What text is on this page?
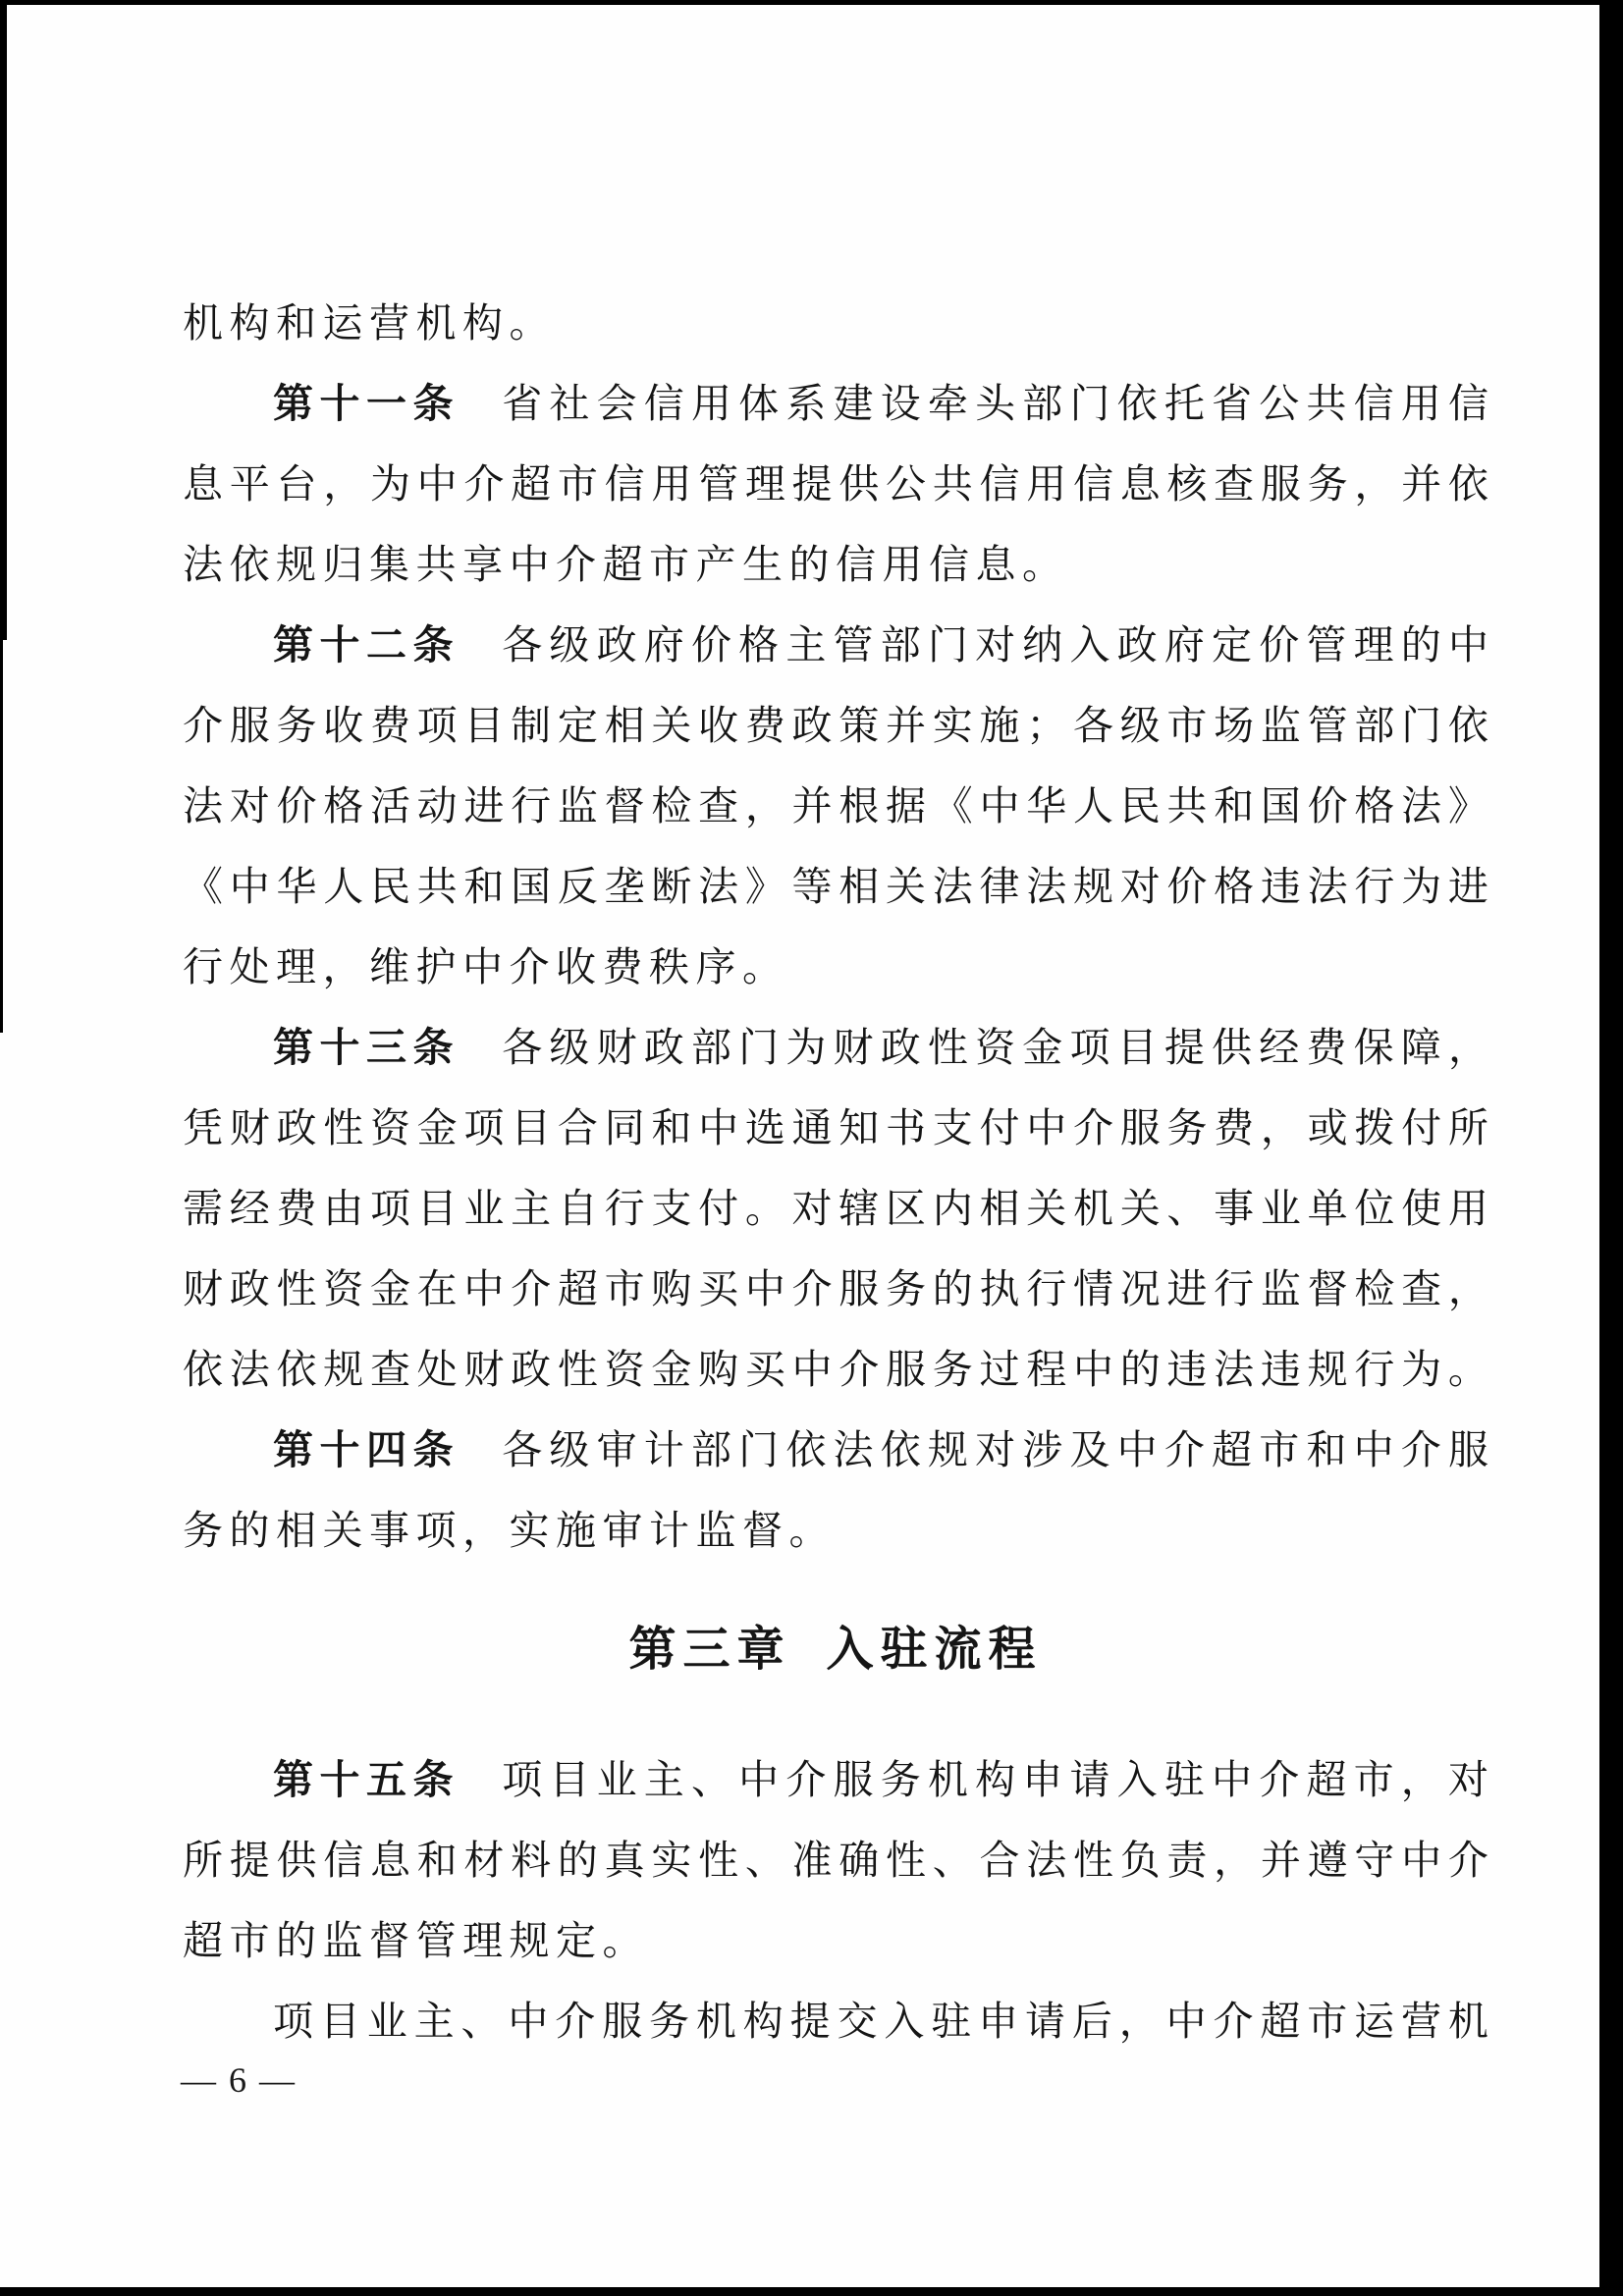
机构和运营机构。
第十一条 省 社 会 信 用 体 系 建 设 牵 头 部 门 依 托 省 公 共 信 用 信
息 平 台 ， 为 中 介 超 市 信 用 管 理 提 供 公 共 信 用 信 息 核 查 服 务 ， 并 依
法依规归集共享中介超市产生的信用信息。
第十二条 各 级 政 府 价 格 主 管 部 门 对 纳 入 政 府 定 价 管 理 的 中
介 服 务 收 费 项 目 制 定 相 关 收 费 政 策 并 实 施 ； 各 级 市 场 监 管 部 门 依
法 对 价 格 活 动 进 行 监 督 检 查 ， 并 根 据 《 中 华 人 民 共 和 国 价 格 法 》
《 中 华 人 民 共 和 国 反 垄 断 法 》 等 相 关 法 律 法 规 对 价 格 违 法 行 为 进
行处理，维护中介收费秩序。
第十三条 各 级 财 政 部 门 为 财 政 性 资 金 项 目 提 供 经 费 保 障 ，
凭 财 政 性 资 金 项 目 合 同 和 中 选 通 知 书 支 付 中 介 服 务 费 ， 或 拨 付 所
需 经 费 由 项 目 业 主 自 行 支 付 。 对 辖 区 内 相 关 机 关 、 事 业 单 位 使 用
财 政 性 资 金 在 中 介 超 市 购 买 中 介 服 务 的 执 行 情 况 进 行 监 督 检 查 ，
依 法 依 规 查 处 财 政 性 资 金 购 买 中 介 服 务 过 程 中 的 违 法 违 规 行 为 。
第十四条 各 级 审 计 部 门 依 法 依 规 对 涉 及 中 介 超 市 和 中 介 服
务的相关事项，实施审计监督。
第三章 入驻流程
第十五条 项 目 业 主 、 中 介 服 务 机 构 申 请 入 驻 中 介 超 市 ， 对
所 提 供 信 息 和 材 料 的 真 实 性 、 准 确 性 、 合 法 性 负 责 ， 并 遵 守 中 介
超市的监督管理规定。
项 目 业 主 、 中 介 服 务 机 构 提 交 入 驻 申 请 后 ， 中 介 超 市 运 营 机
— 6 —
